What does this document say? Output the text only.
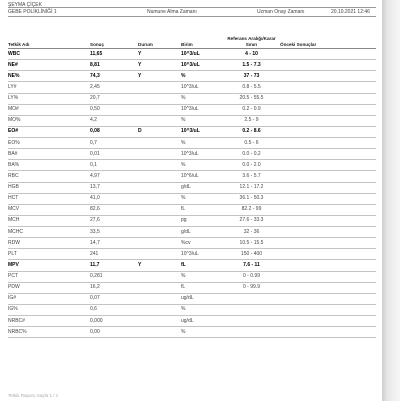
ŞEYMA ÇİÇEK
GEBE POLİKLİNİĞİ 1	Numune Alma Zamanı	Uzman Onay Zamanı	20.10.2021 12:46
Tetkik Adı	Sonuç	Durum	Birim	Referans Aralığı/Karar Sınırı	Önceki Sonuçlar
WBC	11,65	Y	10^3/uL	4 - 10	
NE#	8,81	Y	10^3/uL	1.5 - 7.3	
NE%	74,3	Y	%	37 - 73	
LY#	2,45		10^3/uL	0.8 - 5.5	
LY%	20,7		%	20.5 - 55.5	
MO#	0,50		10^3/uL	0.2 - 0.9	
MO%	4,2		%	2.5 - 9	
EO#	0,08	D	10^3/uL	0.2 - 8.6	
EO%	0,7		%	0.5 - 6	
BA#	0,01		10^3/uL	0.0 - 0.2	
BA%	0,1		%	0.0 - 2.0	
RBC	4,97		10^6/uL	3.6 - 5.7	
HGB	13,7		g/dL	12.1 - 17.2	
HCT	41,0		%	36.1 - 50.3	
MCV	82,6		fL	82.2 - 99	
MCH	27,6		pg	27.6 - 33.3	
MCHC	33,5		g/dL	32 - 36	
RDW	14,7		%cv	10.5 - 15.5	
PLT	241		10^3/uL	150 - 400	
MPV	11,7	Y	fL	7.6 - 11	
PCT	0,281		%	0 - 0.99	
PDW	16,2		fL	0 - 99.9	
IG#	0,07		ug/dL		
IG%	0,6		%		
NRBC#	0,000		ug/dL		
NRBC%	0,00		%		
Tetkik Raporu Sayfa 1 / 1
